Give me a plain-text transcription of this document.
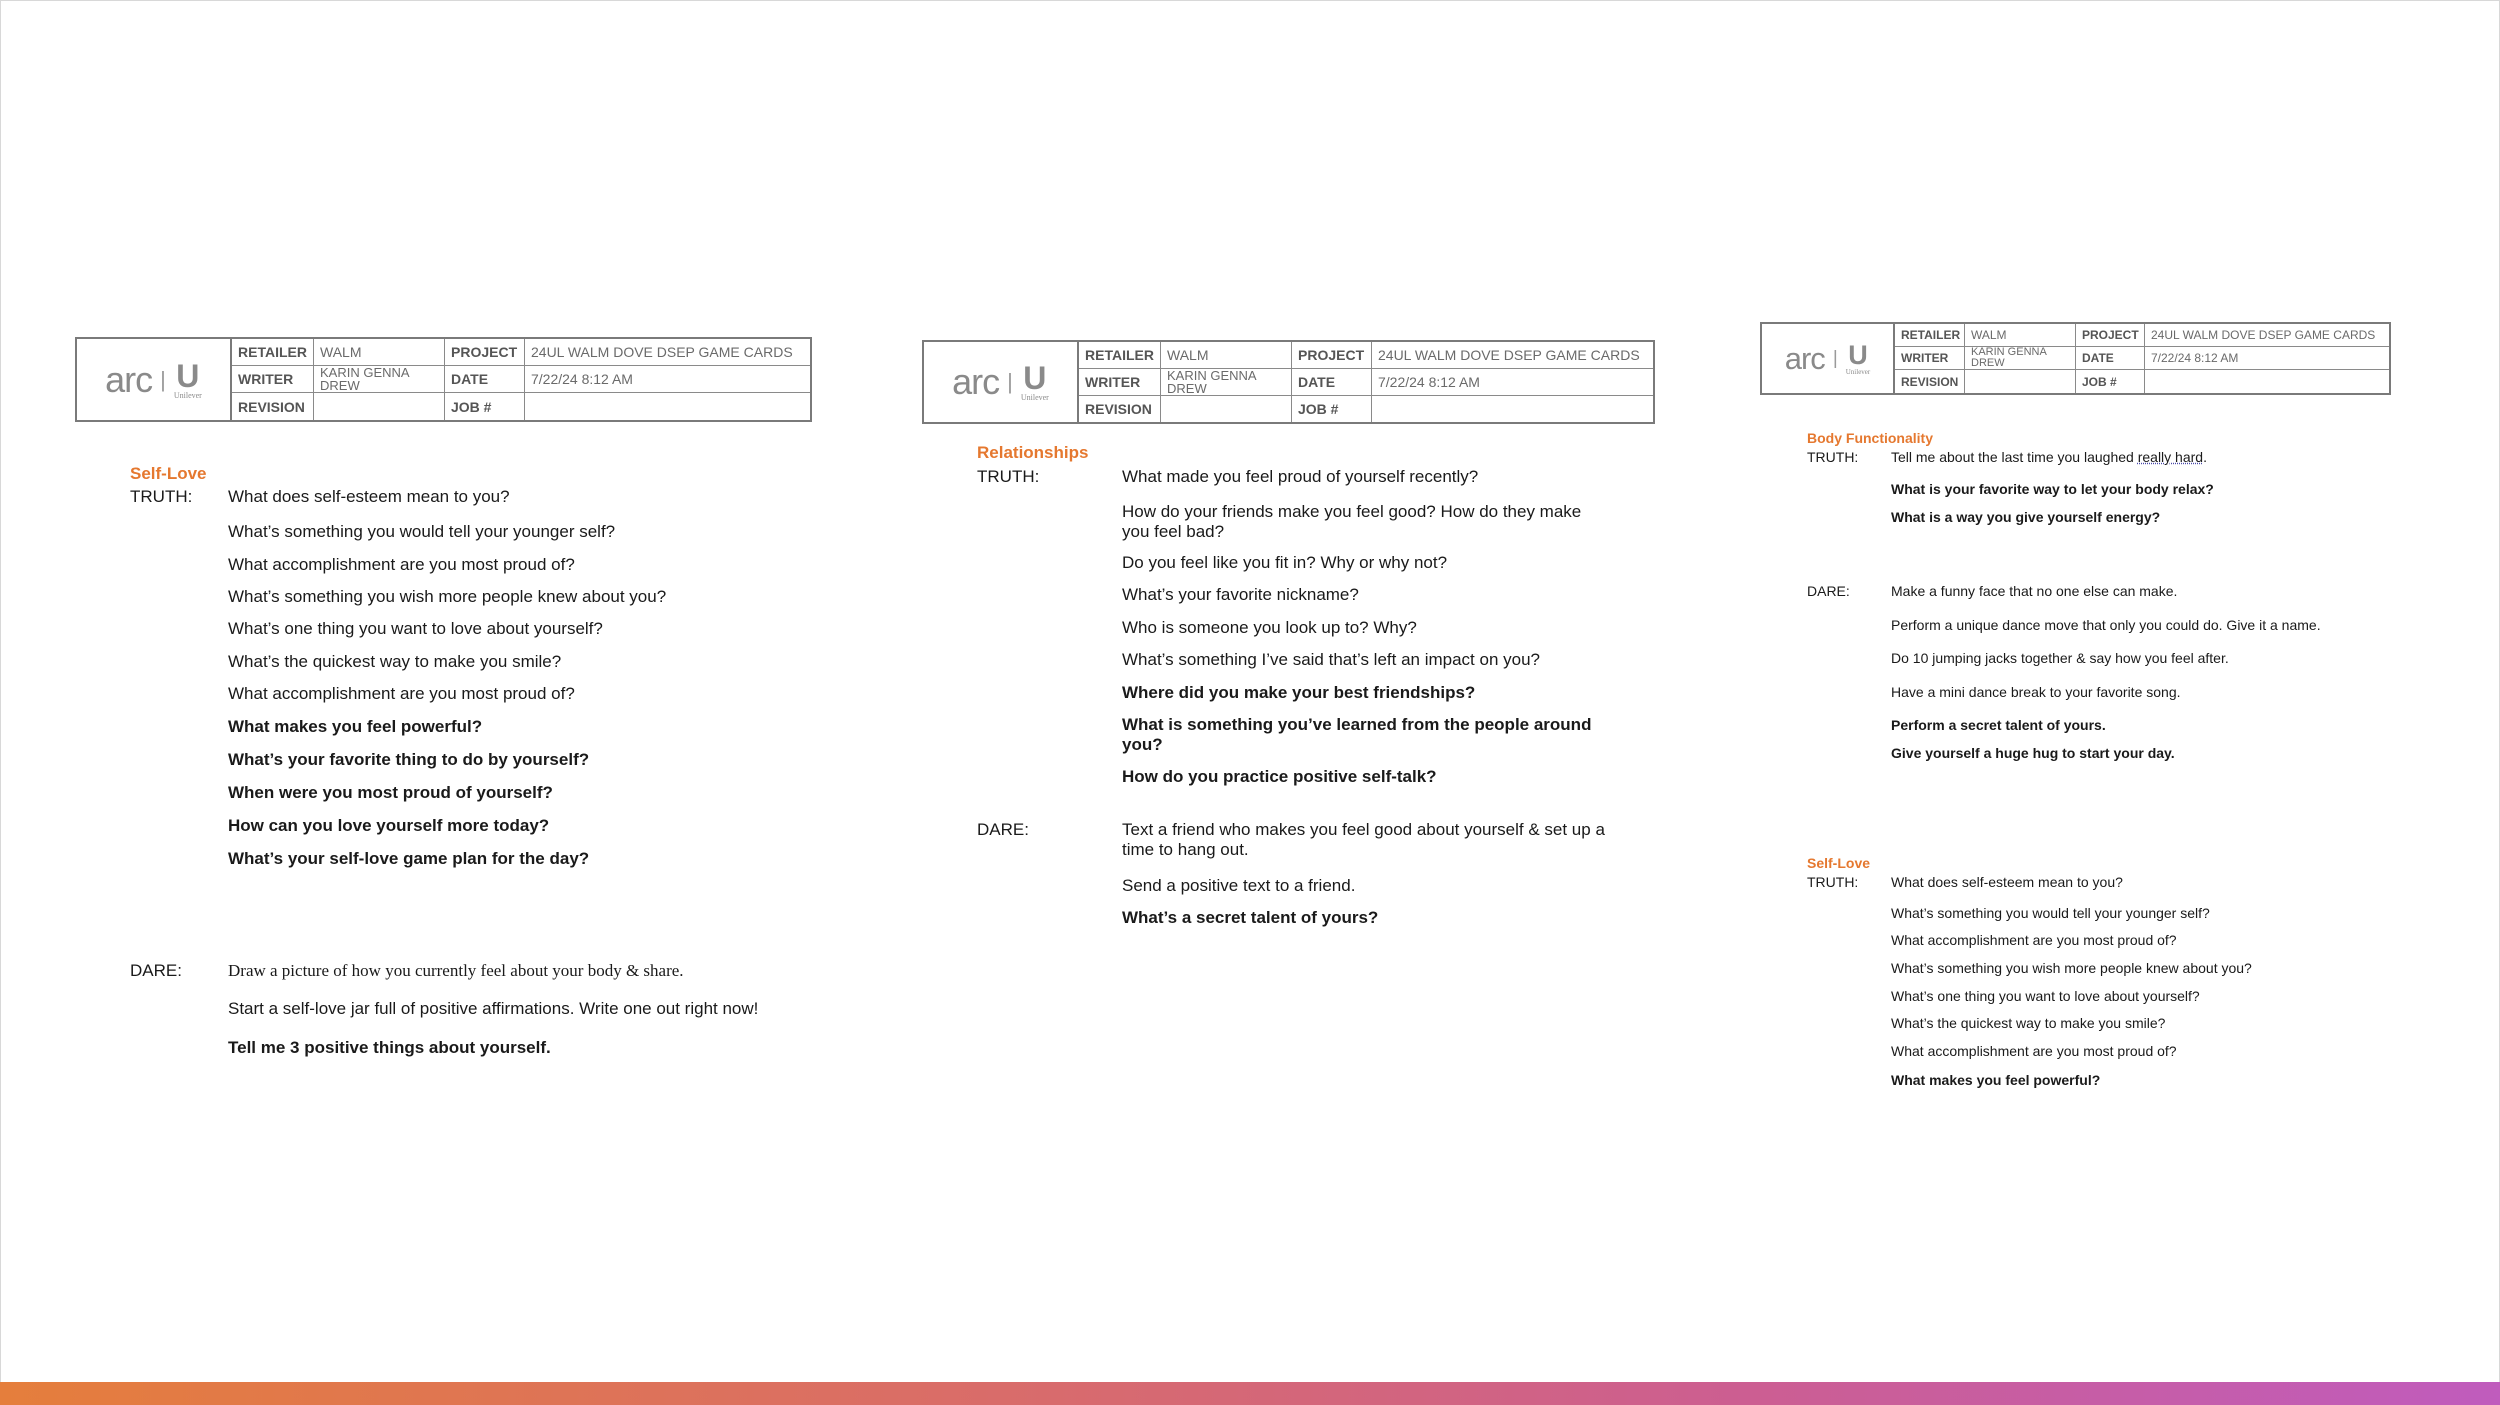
arc | U
Unilever
RETAILER WALM	PROJECT 24UL WALM DOVE DSEP GAME CARDS
WRITER	KARIN GENNA DREW	DATE	7/22/24 8:12 AM
REVISION	JOB #
Self-Love
TRUTH: What does self-esteem mean to you?
What’s something you would tell your younger self?
What accomplishment are you most proud of?
What’s something you wish more people knew about you?
What’s one thing you want to love about yourself?
What’s the quickest way to make you smile?
What accomplishment are you most proud of?
What makes you feel powerful?
What’s your favorite thing to do by yourself?
When were you most proud of yourself?
How can you love yourself more today?
What’s your self-love game plan for the day?
DARE:	Draw a picture of how you currently feel about your body & share.
Start a self-love jar full of positive affirmations. Write one out right now!
Tell me 3 positive things about yourself.
arc | U
Unilever
RETAILER WALM	PROJECT 24UL WALM DOVE DSEP GAME CARDS
WRITER	KARIN GENNA DREW	DATE	7/22/24 8:12 AM
REVISION	JOB #
Relationships
TRUTH:	What made you feel proud of yourself recently?
How do your friends make you feel good? How do they make you feel bad?
Do you feel like you fit in? Why or why not?
What’s your favorite nickname?
Who is someone you look up to? Why?
What’s something I’ve said that’s left an impact on you?
Where did you make your best friendships?
What is something you’ve learned from the people around you?
How do you practice positive self-talk?
DARE:	Text a friend who makes you feel good about yourself & set up a time to hang out.
Send a positive text to a friend.
What’s a secret talent of yours?
arc | U
Unilever
RETAILER WALM	PROJECT	24UL WALM DOVE DSEP GAME CARDS
WRITER	KARIN GENNA DREW	DATE	7/22/24 8:12 AM
REVISION	JOB #
Body Functionality
TRUTH: Tell me about the last time you laughed really hard.
What is your favorite way to let your body relax?
What is a way you give yourself energy?
DARE:	Make a funny face that no one else can make.
Perform a unique dance move that only you could do. Give it a name.
Do 10 jumping jacks together & say how you feel after.
Have a mini dance break to your favorite song.
Perform a secret talent of yours.
Give yourself a huge hug to start your day.
Self-Love
TRUTH: What does self-esteem mean to you?
What’s something you would tell your younger self?
What accomplishment are you most proud of?
What’s something you wish more people knew about you?
What’s one thing you want to love about yourself?
What’s the quickest way to make you smile?
What accomplishment are you most proud of?
What makes you feel powerful?
